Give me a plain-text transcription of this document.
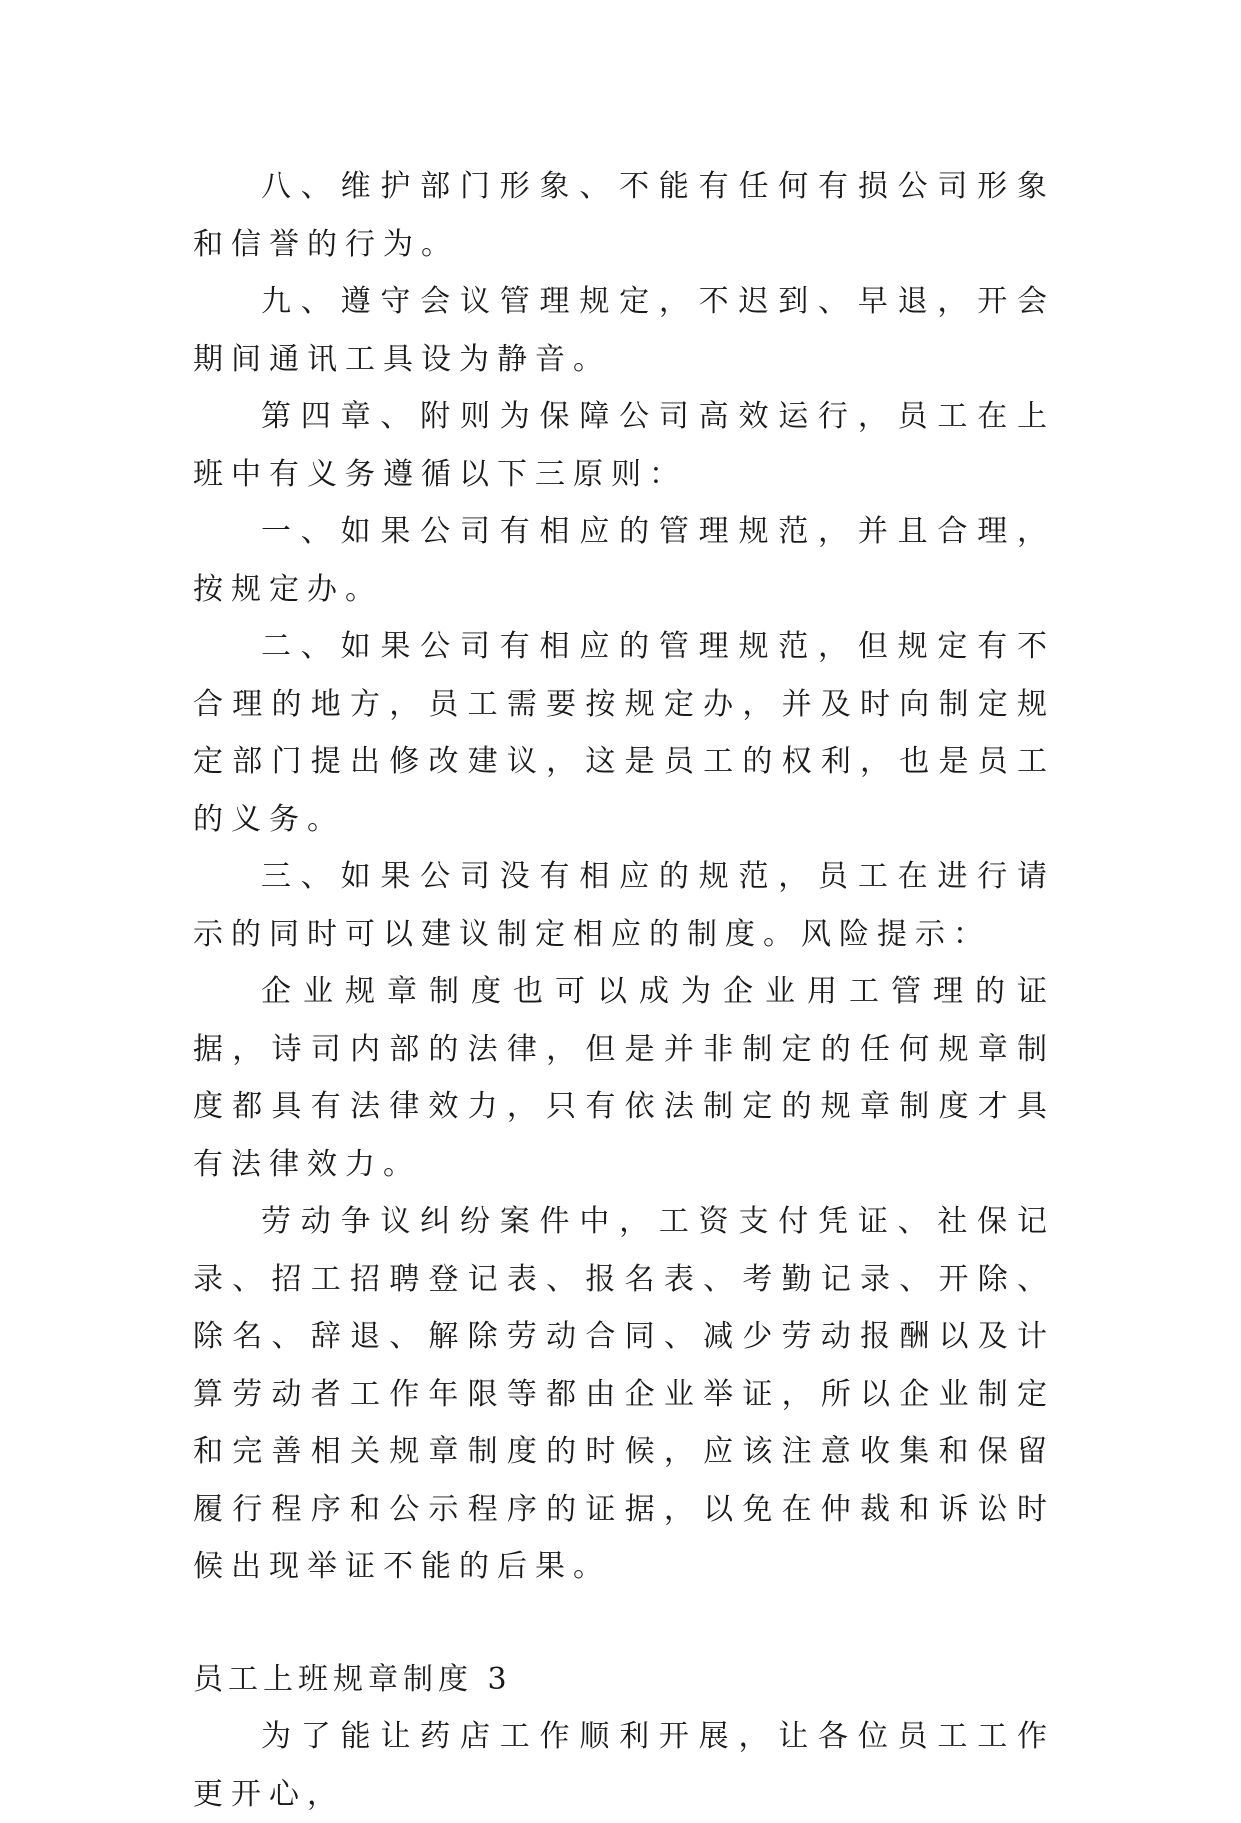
八、维护部门形象、不能有任何有损公司形象和信誉的行为。

九、遵守会议管理规定，不迟到、早退，开会期间通讯工具设为静音。

第四章、附则为保障公司高效运行，员工在上班中有义务遵循以下三原则：

一、如果公司有相应的管理规范，并且合理，按规定办。

二、如果公司有相应的管理规范，但规定有不合理的地方，员工需要按规定办，并及时向制定规定部门提出修改建议，这是员工的权利，也是员工的义务。

三、如果公司没有相应的规范，员工在进行请示的同时可以建议制定相应的制度。风险提示：

企业规章制度也可以成为企业用工管理的证据，诗司内部的法律，但是并非制定的任何规章制度都具有法律效力，只有依法制定的规章制度才具有法律效力。

劳动争议纠纷案件中，工资支付凭证、社保记录、招工招聘登记表、报名表、考勤记录、开除、除名、辞退、解除劳动合同、减少劳动报酬以及计算劳动者工作年限等都由企业举证，所以企业制定和完善相关规章制度的时候，应该注意收集和保留履行程序和公示程序的证据，以免在仲裁和诉讼时候出现举证不能的后果。

员工上班规章制度 3

为了能让药店工作顺利开展，让各位员工工作更开心，
